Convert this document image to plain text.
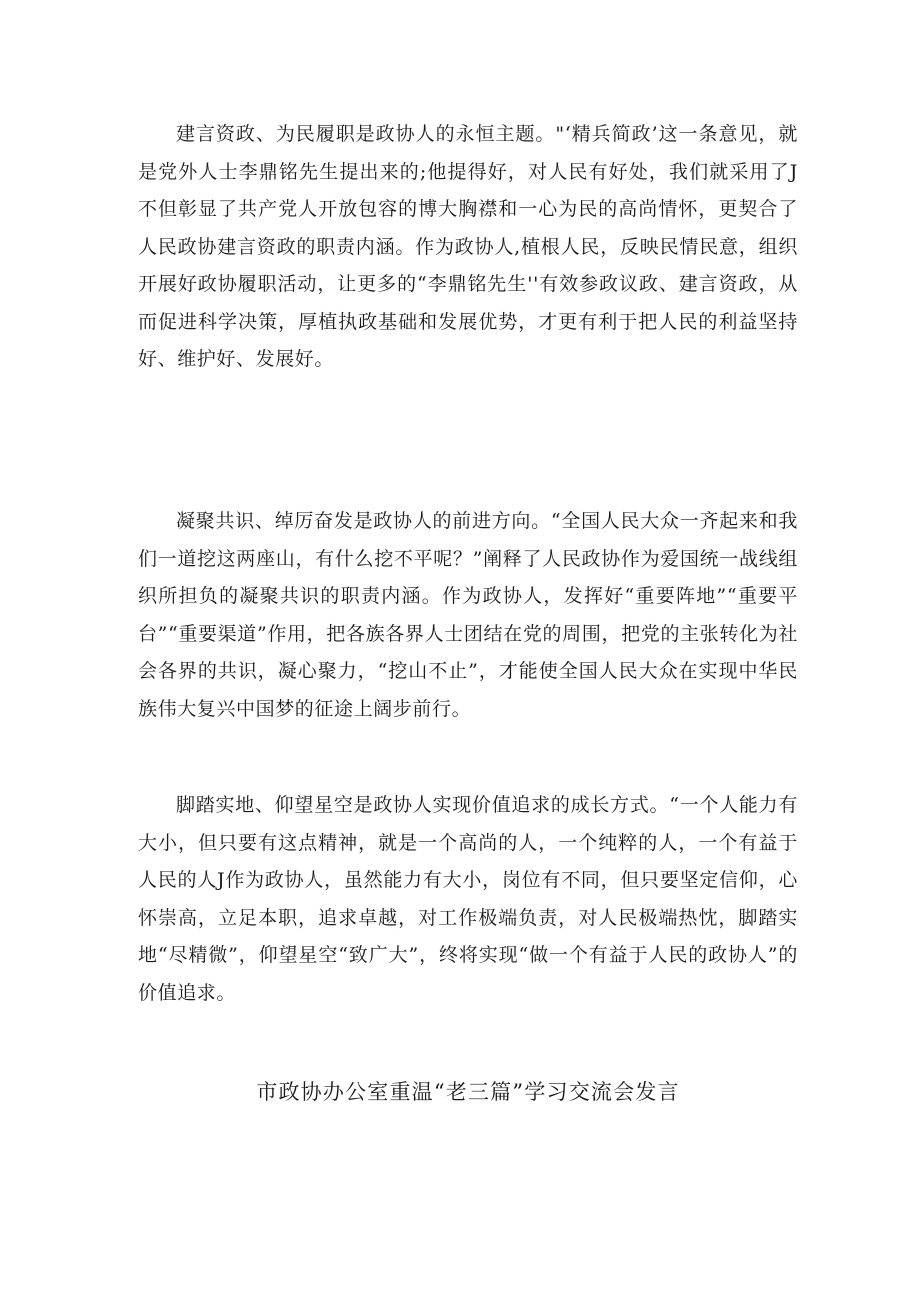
建言资政、为民履职是政协人的永恒主题。"‘精兵简政’这一条意见，就是党外人士李鼎铭先生提出来的;他提得好，对人民有好处，我们就采用了J不但彰显了共产党人开放包容的博大胸襟和一心为民的高尚情怀，更契合了人民政协建言资政的职责内涵。作为政协人,植根人民，反映民情民意，组织开展好政协履职活动，让更多的“李鼎铭先生''有效参政议政、建言资政，从而促进科学决策，厚植执政基础和发展优势，才更有利于把人民的利益坚持好、维护好、发展好。

凝聚共识、绰厉奋发是政协人的前进方向。“全国人民大众一齐起来和我们一道挖这两座山，有什么挖不平呢？”阐释了人民政协作为爱国统一战线组织所担负的凝聚共识的职责内涵。作为政协人，发挥好“重要阵地”“重要平台”“重要渠道”作用，把各族各界人士团结在党的周围，把党的主张转化为社会各界的共识，凝心聚力，“挖山不止”，才能使全国人民大众在实现中华民族伟大复兴中国梦的征途上阔步前行。

脚踏实地、仰望星空是政协人实现价值追求的成长方式。“一个人能力有大小，但只要有这点精神，就是一个高尚的人，一个纯粹的人，一个有益于人民的人J作为政协人，虽然能力有大小，岗位有不同，但只要坚定信仰，心怀崇高，立足本职，追求卓越，对工作极端负责，对人民极端热忱，脚踏实地“尽精微”，仰望星空“致广大”，终将实现“做一个有益于人民的政协人”的价值追求。

市政协办公室重温“老三篇”学习交流会发言
